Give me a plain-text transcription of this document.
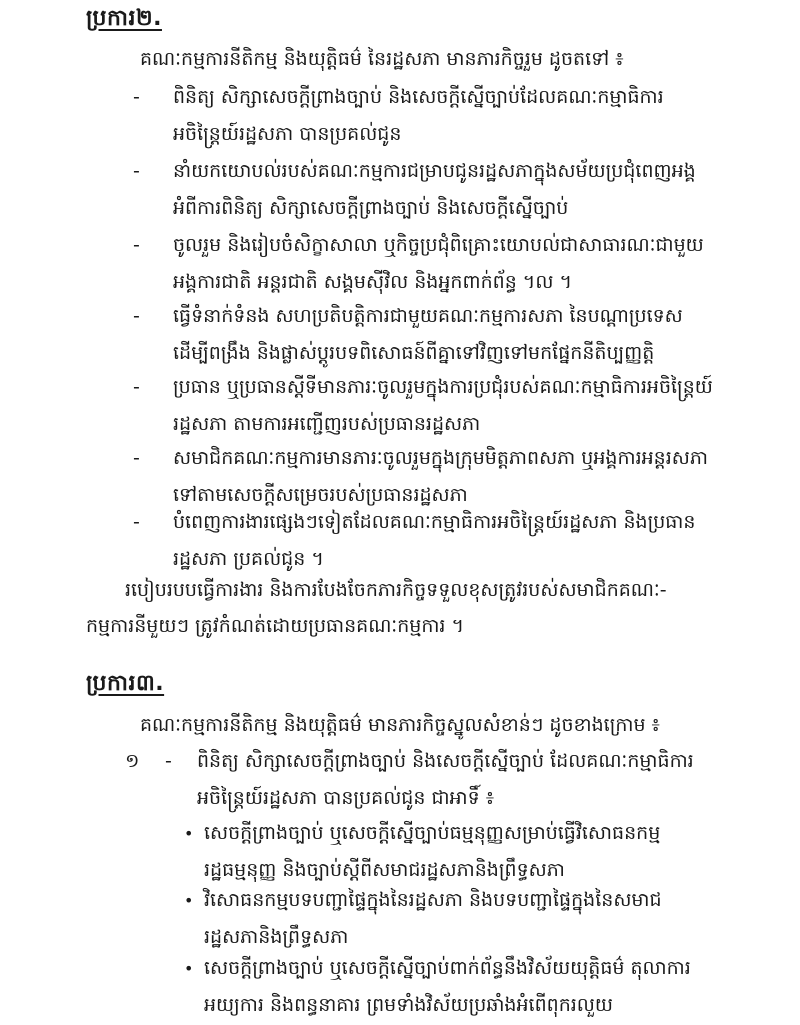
ប្រការ២.
គណៈកម្មការនីតិកម្ម និងយុត្តិធម៌ នៃរដ្ឋសភា មានភារកិច្ចរួម ដូចតទៅ ៖
-	ពិនិត្យ សិក្សាសេចក្តីព្រាងច្បាប់ និងសេចក្តីស្នើច្បាប់ដែលគណៈកម្មាធិការ
អចិន្ត្រៃយ៍រដ្ឋសភា បានប្រគល់ជូន
-	នាំយកយោបល់របស់គណៈកម្មការជម្រាបជូនរដ្ឋសភាក្នុងសម័យប្រជុំពេញអង្គ
អំពីការពិនិត្យ សិក្សាសេចក្តីព្រាងច្បាប់ និងសេចក្តីស្នើច្បាប់
-	ចូលរួម និងរៀបចំសិក្ខាសាលា ឬកិច្ចប្រជុំពិគ្រោះយោបល់ជាសាធារណៈជាមួយ
អង្គការជាតិ អន្តរជាតិ សង្គមស៊ីវិល និងអ្នកពាក់ព័ន្ធ ។ល ។
-	ធ្វើទំនាក់ទំនង សហប្រតិបត្តិការជាមួយគណៈកម្មការសភា នៃបណ្តាប្រទេស
ដើម្បីពង្រឹង និងផ្លាស់ប្តូរបទពិសោធន៍ពីគ្នាទៅវិញទៅមកផ្នែកនីតិប្បញ្ញត្តិ
-	ប្រធាន ឬប្រធានស្តីទីមានភារៈចូលរួមក្នុងការប្រជុំរបស់គណៈកម្មាធិការអចិន្ត្រៃយ៍
រដ្ឋសភា តាមការអញ្ជើញរបស់ប្រធានរដ្ឋសភា
-	សមាជិកគណៈកម្មការមានភារៈចូលរួមក្នុងក្រុមមិត្តភាពសភា ឬអង្គការអន្តរសភា
ទៅតាមសេចក្តីសម្រេចរបស់ប្រធានរដ្ឋសភា
-	បំពេញការងារផ្សេងៗទៀតដែលគណៈកម្មាធិការអចិន្ត្រៃយ៍រដ្ឋសភា និងប្រធាន
រដ្ឋសភា ប្រគល់ជូន ។
របៀបរបបធ្វើការងារ និងការបែងចែកភារកិច្ចទទួលខុសត្រូវរបស់សមាជិកគណៈ-
កម្មការនីមួយៗ ត្រូវកំណត់ដោយប្រធានគណៈកម្មការ ។
ប្រការ៣.
គណៈកម្មការនីតិកម្ម និងយុត្តិធម៌ មានភារកិច្ចស្នូលសំខាន់ៗ ដូចខាងក្រោម ៖
១ -	ពិនិត្យ សិក្សាសេចក្តីព្រាងច្បាប់ និងសេចក្តីស្នើច្បាប់ ដែលគណៈកម្មាធិការ
អចិន្ត្រៃយ៍រដ្ឋសភា បានប្រគល់ជូន ជាអាទិ៍ ៖
• សេចក្តីព្រាងច្បាប់ ឬសេចក្តីស្នើច្បាប់ធម្មនុញ្ញសម្រាប់ធ្វើវិសោធនកម្ម
រដ្ឋធម្មនុញ្ញ និងច្បាប់ស្តីពីសមាជរដ្ឋសភានិងព្រឹទ្ធសភា
• វិសោធនកម្មបទបញ្ជាផ្ទៃក្នុងនៃរដ្ឋសភា និងបទបញ្ជាផ្ទៃក្នុងនៃសមាជ
រដ្ឋសភានិងព្រឹទ្ធសភា
• សេចក្តីព្រាងច្បាប់ ឬសេចក្តីស្នើច្បាប់ពាក់ព័ន្ធនឹងវិស័យយុត្តិធម៌ តុលាការ
អយ្យការ និងពន្ធនាគារ ព្រមទាំងវិស័យប្រឆាំងអំពើពុករលួយ
